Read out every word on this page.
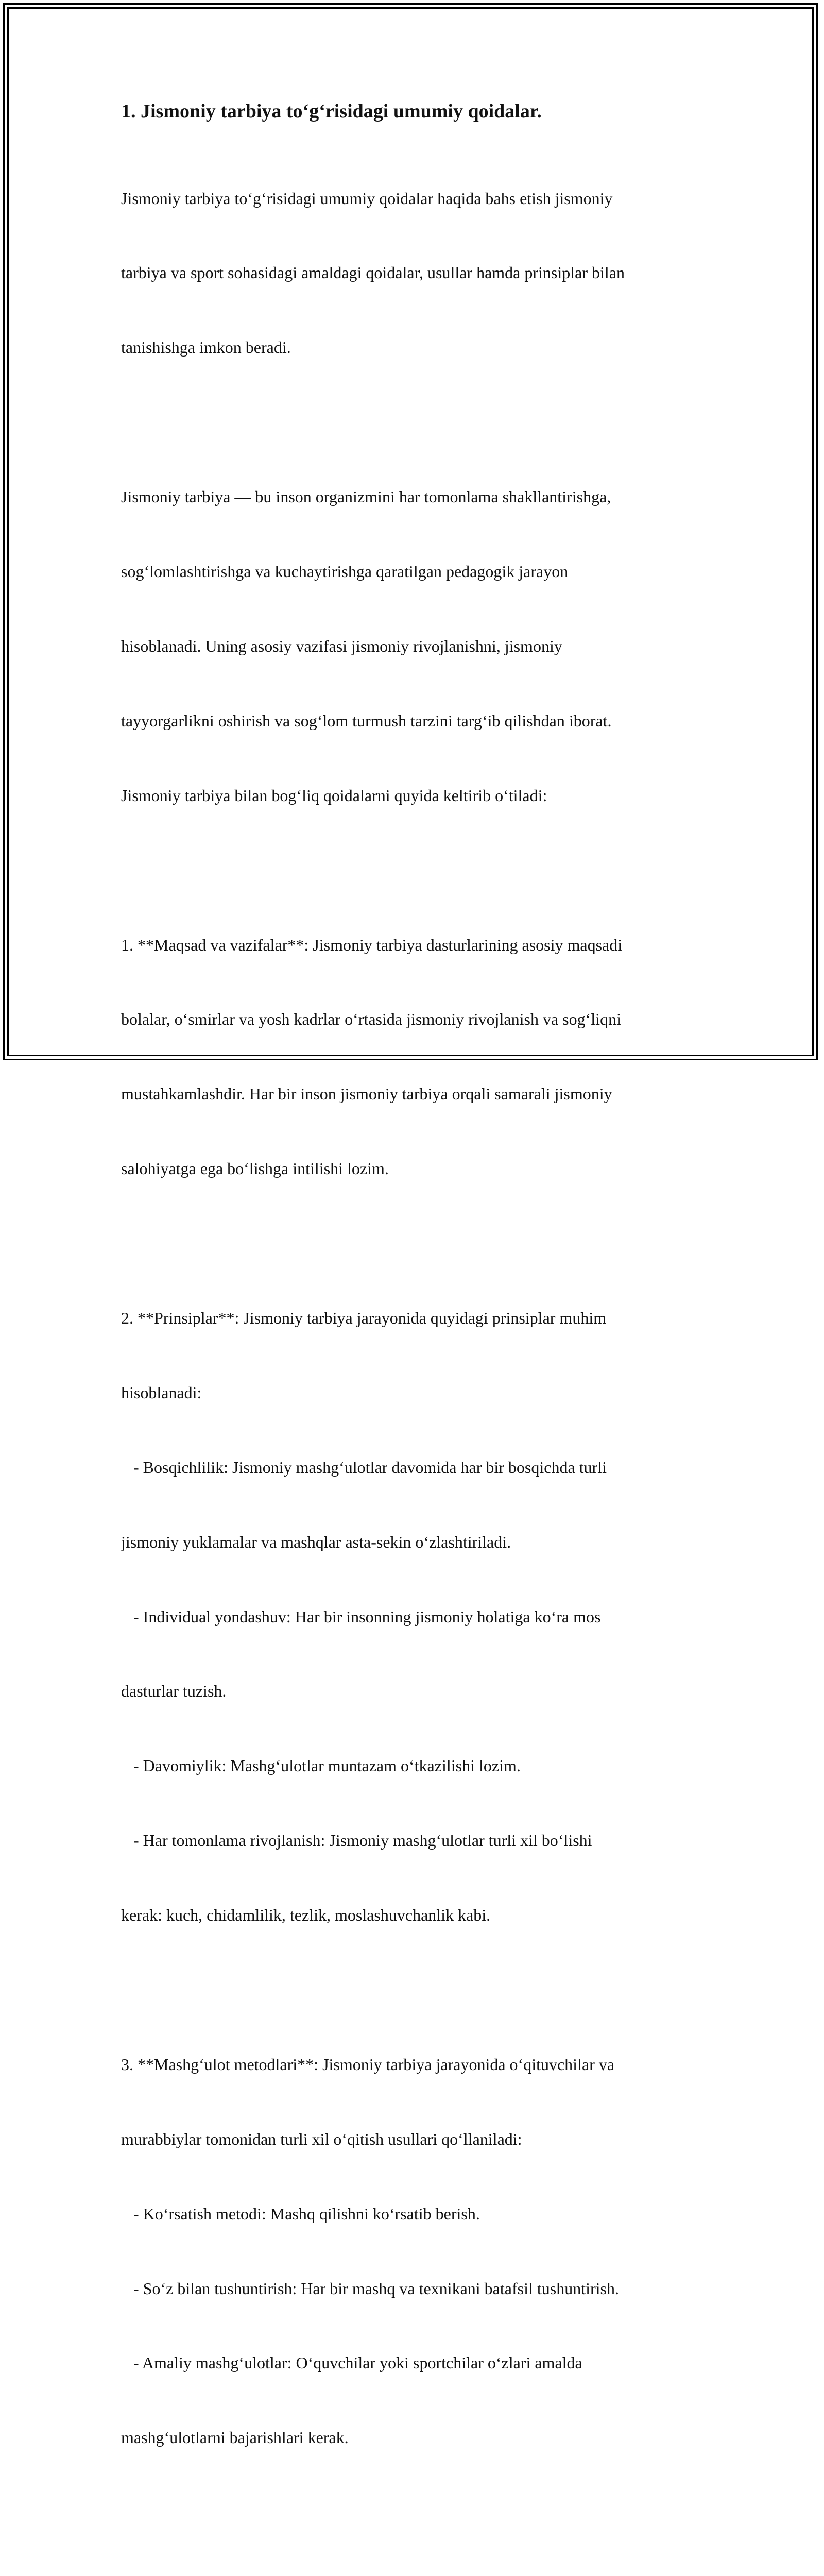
1. Jismoniy tarbiya to‘g‘risidagi umumiy qoidalar.

Jismoniy tarbiya to‘g‘risidagi umumiy qoidalar haqida bahs etish jismoniy

tarbiya va sport sohasidagi amaldagi qoidalar, usullar hamda prinsiplar bilan

tanishishga imkon beradi.

Jismoniy tarbiya — bu inson organizmini har tomonlama shakllantirishga,

sog‘lomlashtirishga va kuchaytirishga qaratilgan pedagogik jarayon

hisoblanadi. Uning asosiy vazifasi jismoniy rivojlanishni, jismoniy

tayyorgarlikni oshirish va sog‘lom turmush tarzini targ‘ib qilishdan iborat.

Jismoniy tarbiya bilan bog‘liq qoidalarni quyida keltirib o‘tiladi:

1. **Maqsad va vazifalar**: Jismoniy tarbiya dasturlarining asosiy maqsadi

bolalar, o‘smirlar va yosh kadrlar o‘rtasida jismoniy rivojlanish va sog‘liqni

mustahkamlashdir. Har bir inson jismoniy tarbiya orqali samarali jismoniy

salohiyatga ega bo‘lishga intilishi lozim.

2. **Prinsiplar**: Jismoniy tarbiya jarayonida quyidagi prinsiplar muhim

hisoblanadi:

- Bosqichlilik: Jismoniy mashg‘ulotlar davomida har bir bosqichda turli

jismoniy yuklamalar va mashqlar asta-sekin o‘zlashtiriladi.

- Individual yondashuv: Har bir insonning jismoniy holatiga ko‘ra mos

dasturlar tuzish.

- Davomiylik: Mashg‘ulotlar muntazam o‘tkazilishi lozim.

- Har tomonlama rivojlanish: Jismoniy mashg‘ulotlar turli xil bo‘lishi

kerak: kuch, chidamlilik, tezlik, moslashuvchanlik kabi.

3. **Mashg‘ulot metodlari**: Jismoniy tarbiya jarayonida o‘qituvchilar va

murabbiylar tomonidan turli xil o‘qitish usullari qo‘llaniladi:

- Ko‘rsatish metodi: Mashq qilishni ko‘rsatib berish.

- So‘z bilan tushuntirish: Har bir mashq va texnikani batafsil tushuntirish.

- Amaliy mashg‘ulotlar: O‘quvchilar yoki sportchilar o‘zlari amalda

mashg‘ulotlarni bajarishlari kerak.
